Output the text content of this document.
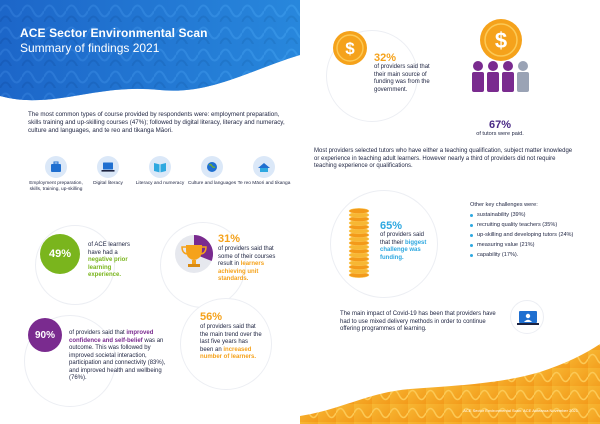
ACE Sector Environmental Scan
Summary of findings 2021
ACE Sector Environmental Scan: ACE Aotearoa November 2021
The most common types of course provided by respondents were: employment preparation, skills training and up-skilling courses (47%); followed by digital literacy, literacy and numeracy, culture and languages, and te reo and tikanga Māori.
Employment preparation, skills, training, up-skilling
Digital literacy	Literacy and numeracy Culture and languages Te reo Māori and tikanga
49%
of ACE learners have had a negative prior learning experience.
31%
of providers said that some of their courses result in learners achieving unit standards.
90%	of providers said that improved confidence and self-belief was an outcome. This was followed by improved societal interaction, participation and connectivity (83%), and improved health and wellbeing (76%).
56%
of providers said that the main trend over the last five years has been an increased number of learners.
$ 32%
of providers said that their main source of funding was from the government.
$
67%
of tutors were paid.
Most providers selected tutors who have either a teaching qualification, subject matter knowledge or experience in teaching adult learners. However nearly a third of providers did not require teaching experience or qualifications.
65%
of providers said that their biggest challenge was funding.
Other key challenges were:
sustainability (39%)
recruiting quality teachers (35%)
up-skilling and developing tutors (24%)
measuring value (21%)
capability (17%).
The main impact of Covid-19 has been that providers have had to use mixed delivery methods in order to continue offering programmes of learning.
